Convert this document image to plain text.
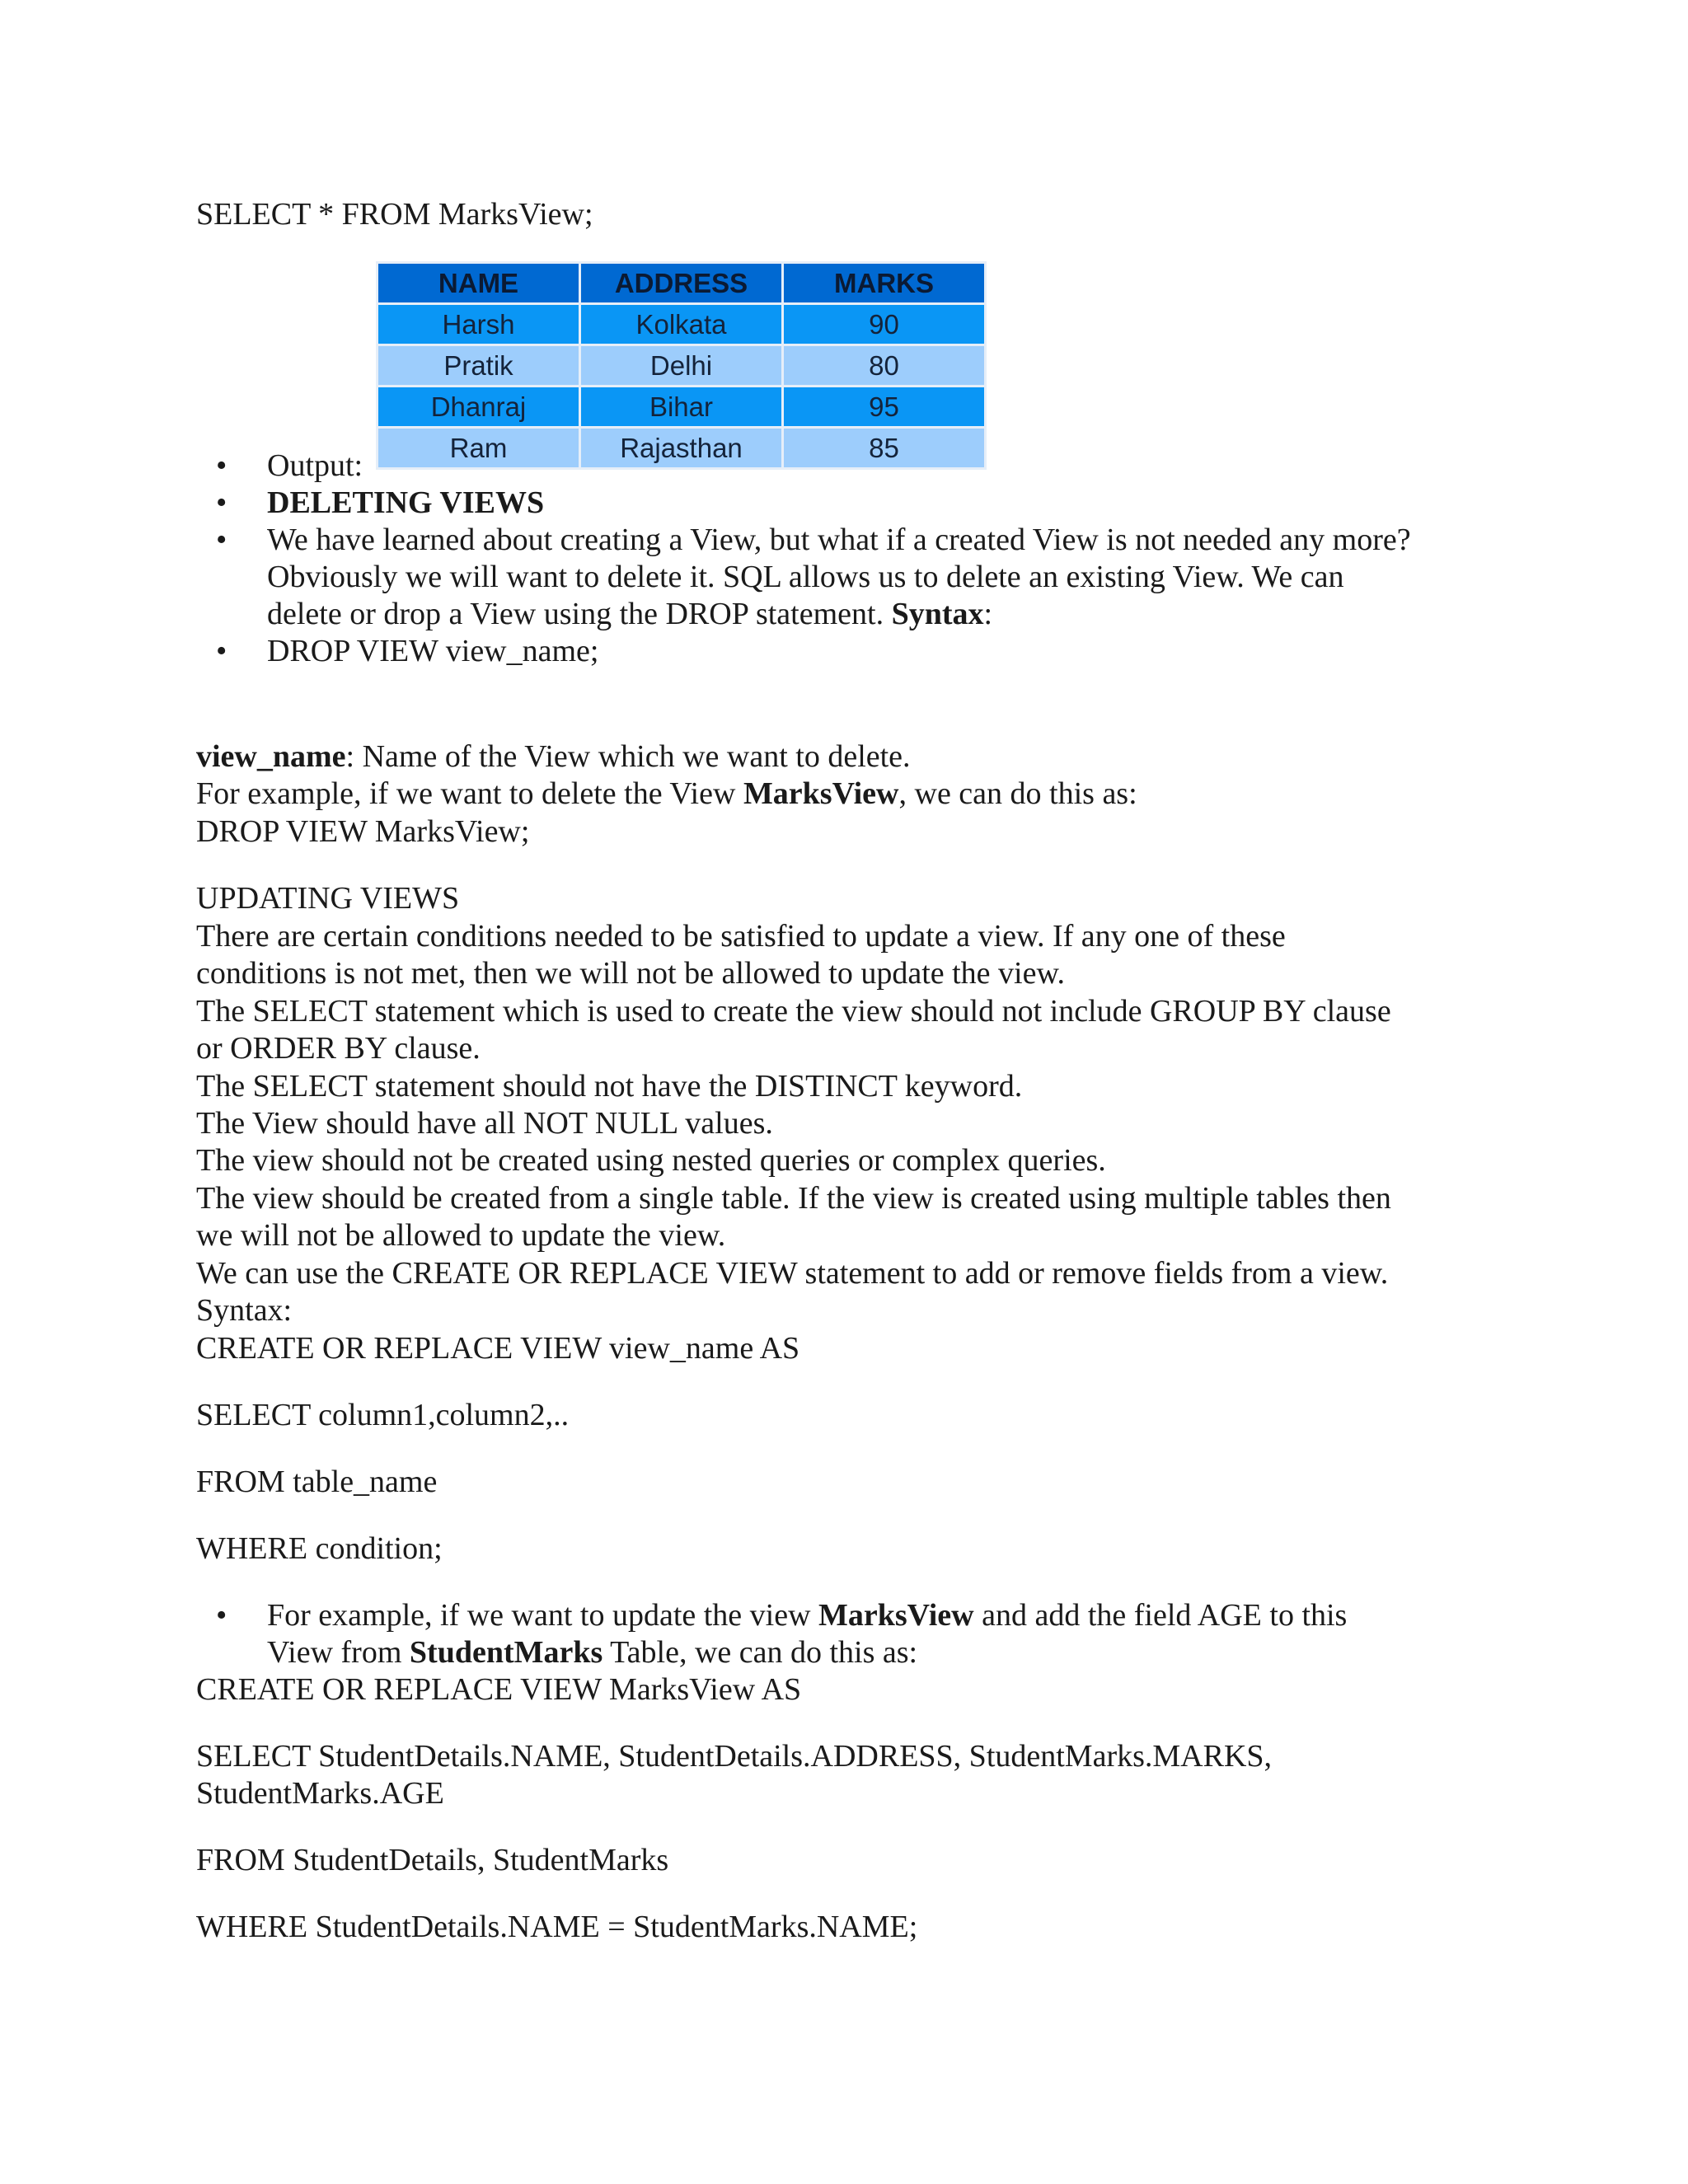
SELECT * FROM MarksView;
NAME	ADDRESS	MARKS
Harsh	Kolkata	90
Pratik	Delhi	80
Dhanraj	Bihar	95
Ram	Rajasthan	85
• Output:
• DELETING VIEWS
• We have learned about creating a View, but what if a created View is not needed any more?
Obviously we will want to delete it. SQL allows us to delete an existing View. We can
delete or drop a View using the DROP statement. Syntax:
• DROP VIEW view_name;
view_name: Name of the View which we want to delete.
For example, if we want to delete the View MarksView, we can do this as:
DROP VIEW MarksView;
UPDATING VIEWS
There are certain conditions needed to be satisfied to update a view. If any one of these
conditions is not met, then we will not be allowed to update the view.
The SELECT statement which is used to create the view should not include GROUP BY clause
or ORDER BY clause.
The SELECT statement should not have the DISTINCT keyword.
The View should have all NOT NULL values.
The view should not be created using nested queries or complex queries.
The view should be created from a single table. If the view is created using multiple tables then
we will not be allowed to update the view.
We can use the CREATE OR REPLACE VIEW statement to add or remove fields from a view.
Syntax:
CREATE OR REPLACE VIEW view_name AS
SELECT column1,column2,..
FROM table_name
WHERE condition;
• For example, if we want to update the view MarksView and add the field AGE to this
View from StudentMarks Table, we can do this as:
CREATE OR REPLACE VIEW MarksView AS
SELECT StudentDetails.NAME, StudentDetails.ADDRESS, StudentMarks.MARKS,
StudentMarks.AGE
FROM StudentDetails, StudentMarks
WHERE StudentDetails.NAME = StudentMarks.NAME;
